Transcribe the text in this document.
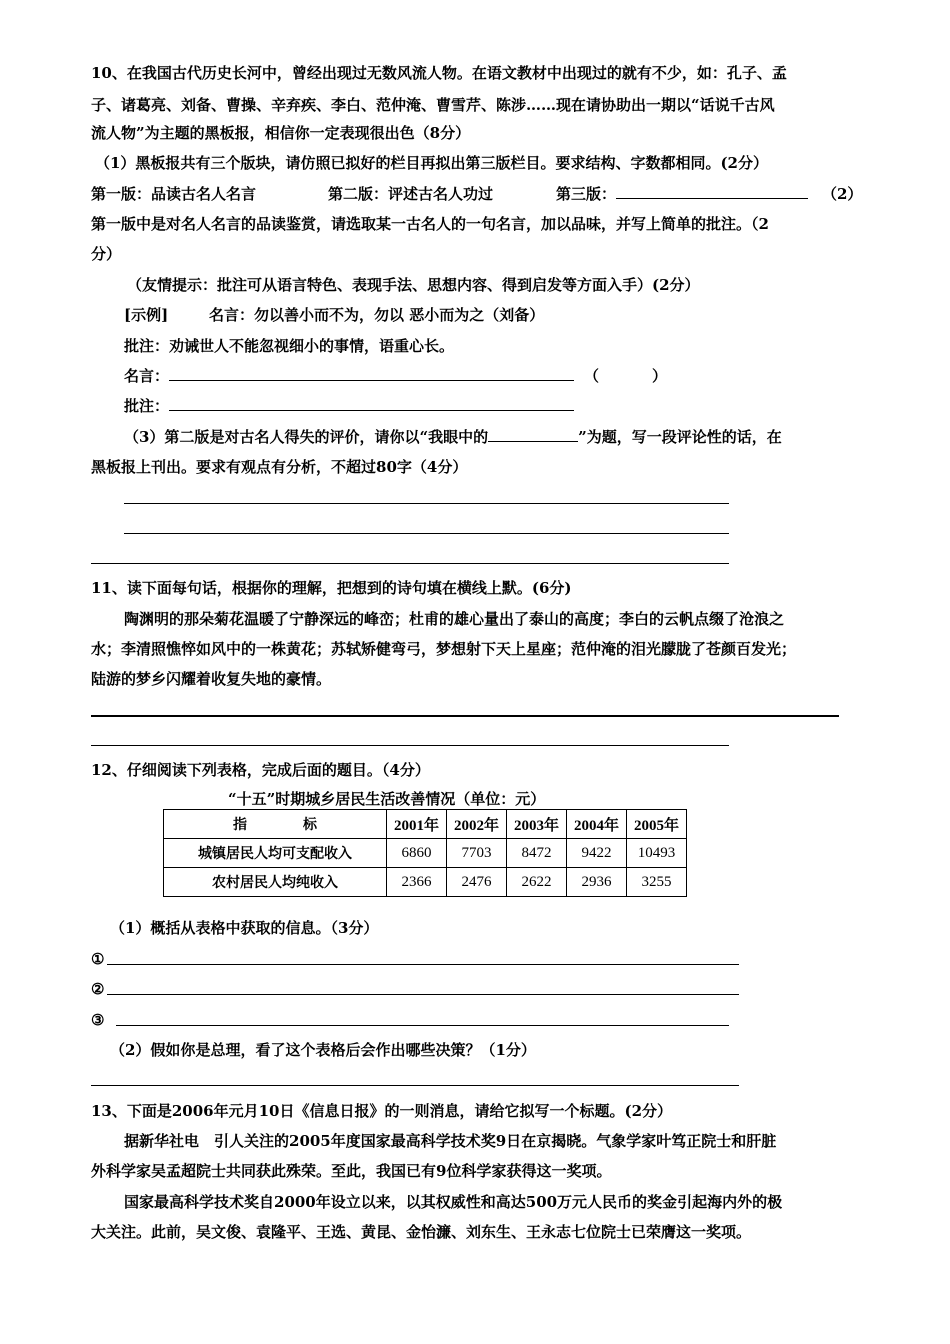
10、在我国古代历史长河中，曾经出现过无数风流人物。在语文教材中出现过的就有不少，如：孔子、孟
子、诸葛亮、刘备、曹操、辛弃疾、李白、范仲淹、曹雪芹、陈涉……现在请协助出一期以“话说千古风
流人物”为主题的黑板报，相信你一定表现很出色（8分）
（1）黑板报共有三个版块，请仿照已拟好的栏目再拟出第三版栏目。要求结构、字数都相同。(2分）
第一版：品读古名人名言	第二版：评述古名人功过	第三版：	（2）
第一版中是对名人名言的品读鉴赏，请选取某一古名人的一句名言，加以品味，并写上简单的批注。（2
分）
（友情提示：批注可从语言特色、表现手法、思想内容、得到启发等方面入手）(2分）
[示例]	名言：勿以善小而不为，勿以 恶小而为之（刘备）
批注：劝诫世人不能忽视细小的事情，语重心长。
名言：	（	）
批注：
（3）第二版是对古名人得失的评价，请你以“我眼中的	”为题，写一段评论性的话，在
黑板报上刊出。要求有观点有分析，不超过80字（4分）
11、读下面每句话，根据你的理解，把想到的诗句填在横线上默。(6分)
陶渊明的那朵菊花温暖了宁静深远的峰峦；杜甫的雄心量出了泰山的高度；李白的云帆点缀了沧浪之
水；李清照憔悴如风中的一株黄花；苏轼矫健弯弓，梦想射下天上星座；范仲淹的泪光朦胧了苍颜百发光；
陆游的梦乡闪耀着收复失地的豪情。
12、仔细阅读下列表格，完成后面的题目。（4分）
“十五”时期城乡居民生活改善情况（单位：元）
指　　　　标	2001年	2002年	2003年	2004年	2005年
城镇居民人均可支配收入	6860	7703	8472	9422	10493
农村居民人均纯收入	2366	2476	2622	2936	3255
（1）概括从表格中获取的信息。（3分）
①
②
③
（2）假如你是总理，看了这个表格后会作出哪些决策？（1分）
13、下面是2006年元月10日《信息日报》的一则消息，请给它拟写一个标题。(2分）
据新华社电　引人关注的2005年度国家最高科学技术奖9日在京揭晓。气象学家叶笃正院士和肝脏
外科学家吴孟超院士共同获此殊荣。至此，我国已有9位科学家获得这一奖项。
国家最高科学技术奖自2000年设立以来，以其权威性和高达500万元人民币的奖金引起海内外的极
大关注。此前，吴文俊、袁隆平、王选、黄昆、金怡濂、刘东生、王永志七位院士已荣膺这一奖项。
